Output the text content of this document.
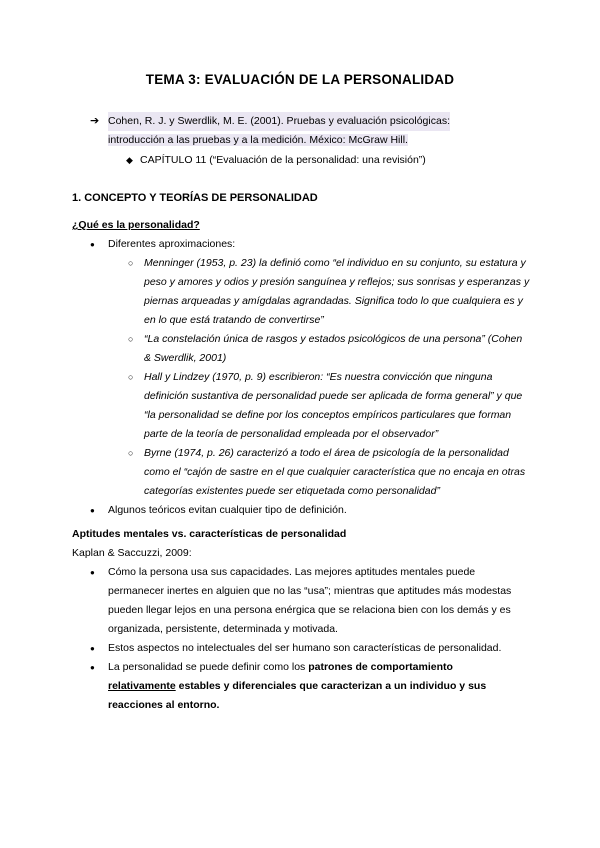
TEMA 3: EVALUACIÓN DE LA PERSONALIDAD
➔ Cohen, R. J. y Swerdlik, M. E. (2001). Pruebas y evaluación psicológicas:
introducción a las pruebas y a la medición. México: McGraw Hill.
◆ CAPÍTULO 11 (“Evaluación de la personalidad: una revisión”)
1. CONCEPTO Y TEORÍAS DE PERSONALIDAD
¿Qué es la personalidad?
● Diferentes aproximaciones:
○ Menninger (1953, p. 23) la definió como “el individuo en su conjunto, su estatura y peso y amores y odios y presión sanguínea y reflejos; sus sonrisas y esperanzas y piernas arqueadas y amígdalas agrandadas. Significa todo lo que cualquiera es y en lo que está tratando de convertirse”
○ “La constelación única de rasgos y estados psicológicos de una persona” (Cohen & Swerdlik, 2001)
○ Hall y Lindzey (1970, p. 9) escribieron: “Es nuestra convicción que ninguna definición sustantiva de personalidad puede ser aplicada de forma general” y que “la personalidad se define por los conceptos empíricos particulares que forman parte de la teoría de personalidad empleada por el observador”
○ Byrne (1974, p. 26) caracterizó a todo el área de psicología de la personalidad como el “cajón de sastre en el que cualquier característica que no encaja en otras categorías existentes puede ser etiquetada como personalidad”
● Algunos teóricos evitan cualquier tipo de definición.
Aptitudes mentales vs. características de personalidad
Kaplan & Saccuzzi, 2009:
● Cómo la persona usa sus capacidades. Las mejores aptitudes mentales puede permanecer inertes en alguien que no las “usa”; mientras que aptitudes más modestas pueden llegar lejos en una persona enérgica que se relaciona bien con los demás y es organizada, persistente, determinada y motivada.
● Estos aspectos no intelectuales del ser humano son características de personalidad.
● La personalidad se puede definir como los patrones de comportamiento
relativamente estables y diferenciales que caracterizan a un individuo y sus reacciones al entorno.
